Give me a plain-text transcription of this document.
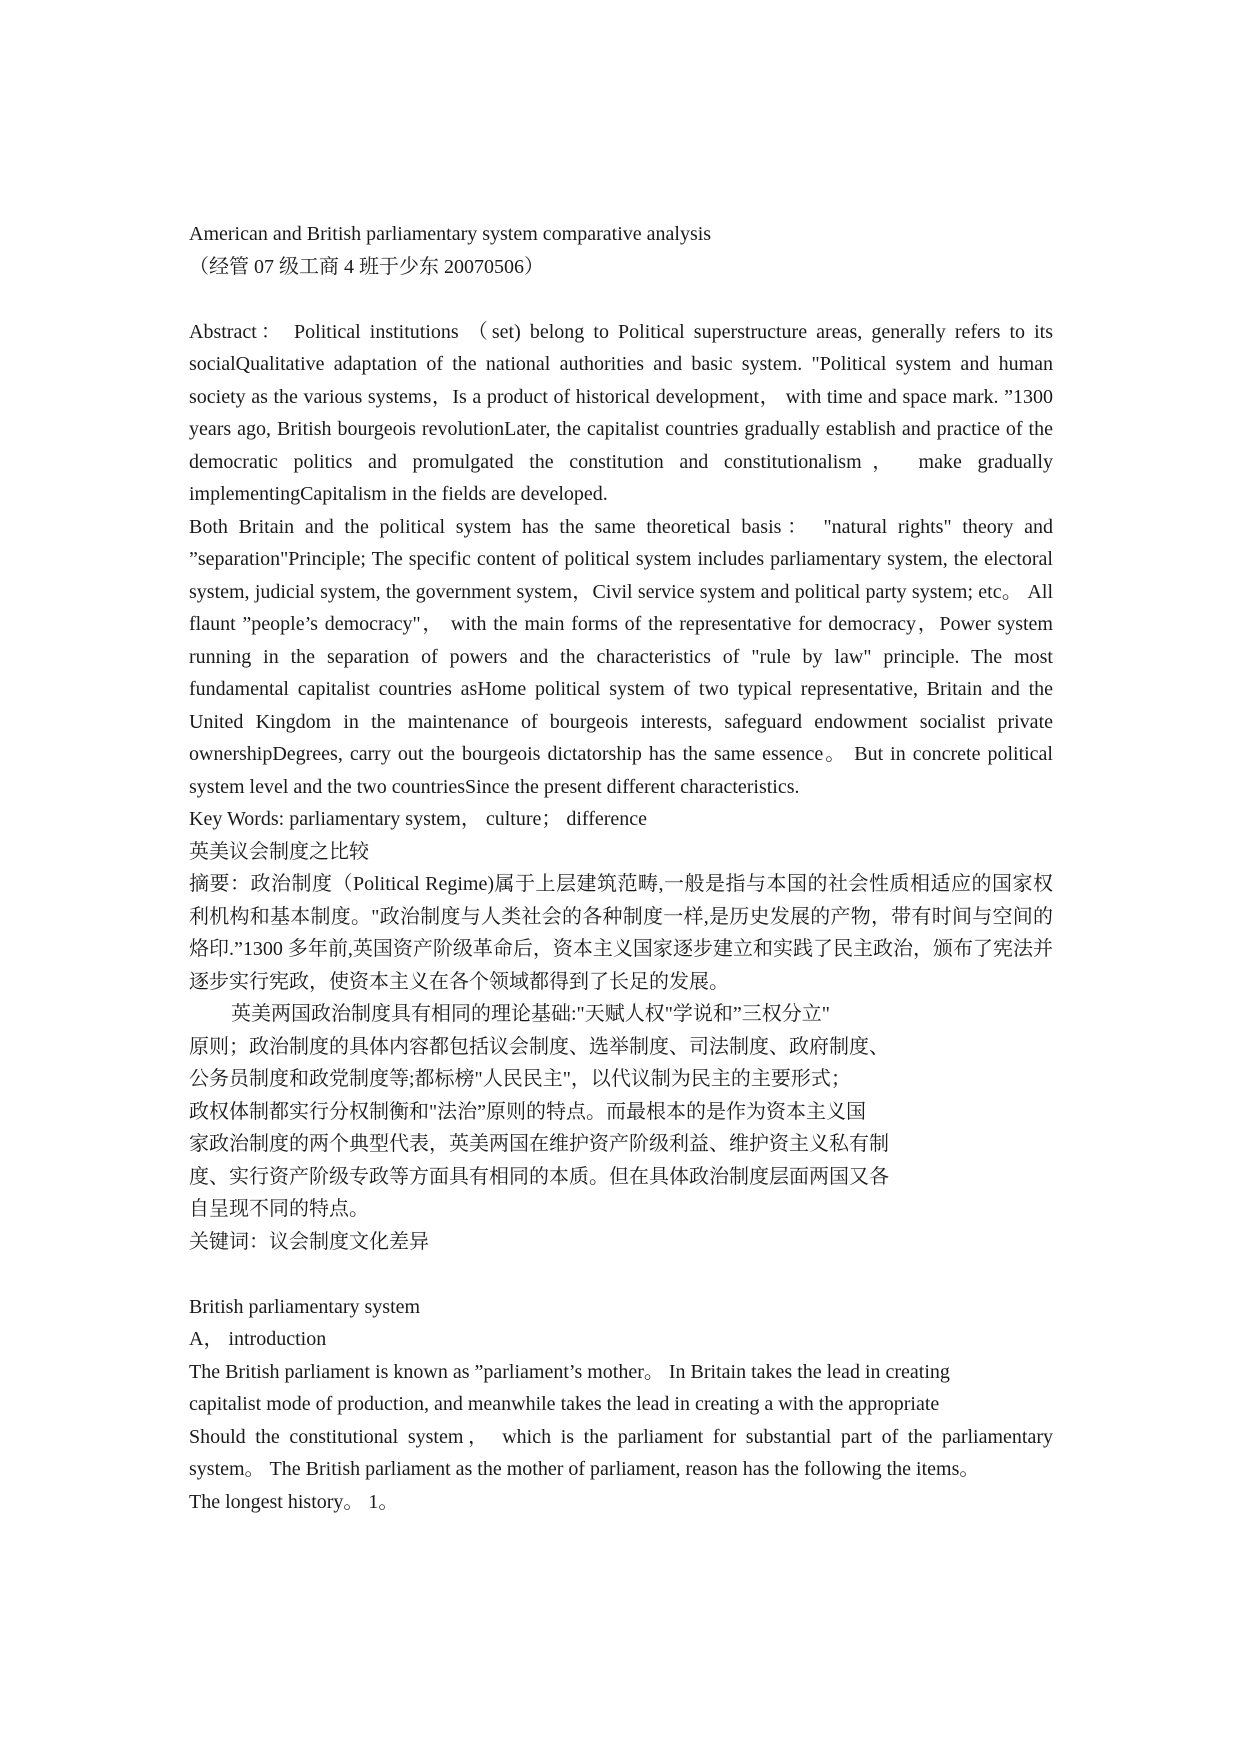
American and British parliamentary system comparative analysis

（经管 07 级工商 4 班于少东 20070506）

Abstract： Political institutions （set) belong to Political superstructure areas, generally refers to its socialQualitative adaptation of the national authorities and basic system. "Political system and human society as the various systems，Is a product of historical development， with time and space mark. ”1300 years ago, British bourgeois revolutionLater, the capitalist countries gradually establish and practice of the democratic politics and promulgated the constitution and constitutionalism， make gradually implementingCapitalism in the fields are developed.

Both Britain and the political system has the same theoretical basis： "natural rights" theory and ”separation"Principle; The specific content of political system includes parliamentary system, the electoral system, judicial system, the government system，Civil service system and political party system; etc。 All flaunt ”people’s democracy"， with the main forms of the representative for democracy，Power system running in the separation of powers and the characteristics of "rule by law" principle. The most fundamental capitalist countries asHome political system of two typical representative, Britain and the United Kingdom in the maintenance of bourgeois interests, safeguard endowment socialist private ownershipDegrees, carry out the bourgeois dictatorship has the same essence。 But in concrete political system level and the two countriesSince the present different characteristics.

Key Words: parliamentary system， culture； difference

英美议会制度之比较

摘要：政治制度（Political Regime)属于上层建筑范畴,一般是指与本国的社会性质相适应的国家权利机构和基本制度。"政治制度与人类社会的各种制度一样,是历史发展的产物，带有时间与空间的烙印.”1300 多年前,英国资产阶级革命后，资本主义国家逐步建立和实践了民主政治，颁布了宪法并逐步实行宪政，使资本主义在各个领域都得到了长足的发展。

英美两国政治制度具有相同的理论基础:"天赋人权"学说和”三权分立"

原则；政治制度的具体内容都包括议会制度、选举制度、司法制度、政府制度、

公务员制度和政党制度等;都标榜"人民民主"，以代议制为民主的主要形式；

政权体制都实行分权制衡和"法治”原则的特点。而最根本的是作为资本主义国

家政治制度的两个典型代表，英美两国在维护资产阶级利益、维护资主义私有制

度、实行资产阶级专政等方面具有相同的本质。但在具体政治制度层面两国又各

自呈现不同的特点。

关键词：议会制度文化差异

British parliamentary system

A， introduction

The British parliament is known as ”parliament’s mother。 In Britain takes the lead in creating

capitalist mode of production, and meanwhile takes the lead in creating a with the appropriate

Should the constitutional system， which is the parliament for substantial part of the parliamentary system。 The British parliament as the mother of parliament, reason has the following the items。

The longest history。 1。
